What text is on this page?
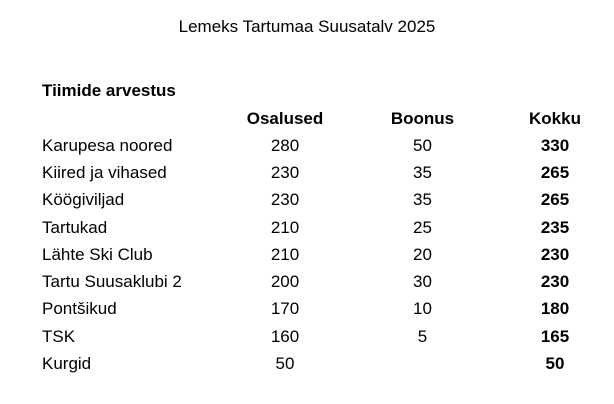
Lemeks Tartumaa Suusatalv 2025
Tiimide arvestus
	Osalused	Boonus	Kokku
Karupesa noored	280	50	330
Kiired ja vihased	230	35	265
Köögiviljad	230	35	265
Tartukad	210	25	235
Lähte Ski Club	210	20	230
Tartu Suusaklubi 2	200	30	230
Pontšikud	170	10	180
TSK	160	5	165
Kurgid	50		50
